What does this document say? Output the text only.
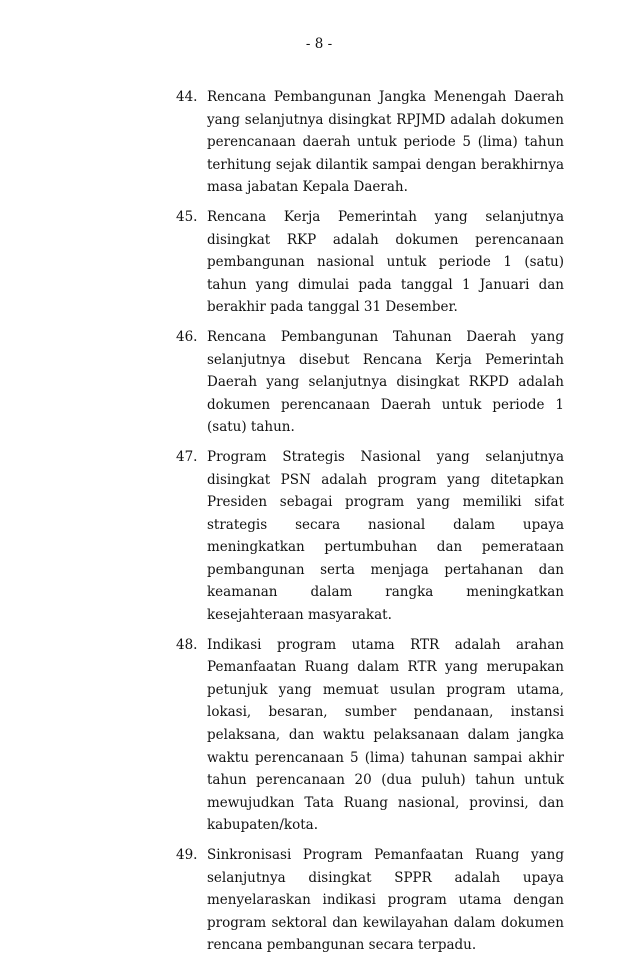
- 8 -
44. Rencana Pembangunan Jangka Menengah Daerah yang selanjutnya disingkat RPJMD adalah dokumen perencanaan daerah untuk periode 5 (lima) tahun terhitung sejak dilantik sampai dengan berakhirnya masa jabatan Kepala Daerah.
45. Rencana Kerja Pemerintah yang selanjutnya disingkat RKP adalah dokumen perencanaan pembangunan nasional untuk periode 1 (satu) tahun yang dimulai pada tanggal 1 Januari dan berakhir pada tanggal 31 Desember.
46. Rencana Pembangunan Tahunan Daerah yang selanjutnya disebut Rencana Kerja Pemerintah Daerah yang selanjutnya disingkat RKPD adalah dokumen perencanaan Daerah untuk periode 1 (satu) tahun.
47. Program Strategis Nasional yang selanjutnya disingkat PSN adalah program yang ditetapkan Presiden sebagai program yang memiliki sifat strategis secara nasional dalam upaya meningkatkan pertumbuhan dan pemerataan pembangunan serta menjaga pertahanan dan keamanan dalam rangka meningkatkan kesejahteraan masyarakat.
48. Indikasi program utama RTR adalah arahan Pemanfaatan Ruang dalam RTR yang merupakan petunjuk yang memuat usulan program utama, lokasi, besaran, sumber pendanaan, instansi pelaksana, dan waktu pelaksanaan dalam jangka waktu perencanaan 5 (lima) tahunan sampai akhir tahun perencanaan 20 (dua puluh) tahun untuk mewujudkan Tata Ruang nasional, provinsi, dan kabupaten/kota.
49. Sinkronisasi Program Pemanfaatan Ruang yang selanjutnya disingkat SPPR adalah upaya menyelaraskan indikasi program utama dengan program sektoral dan kewilayahan dalam dokumen rencana pembangunan secara terpadu.
